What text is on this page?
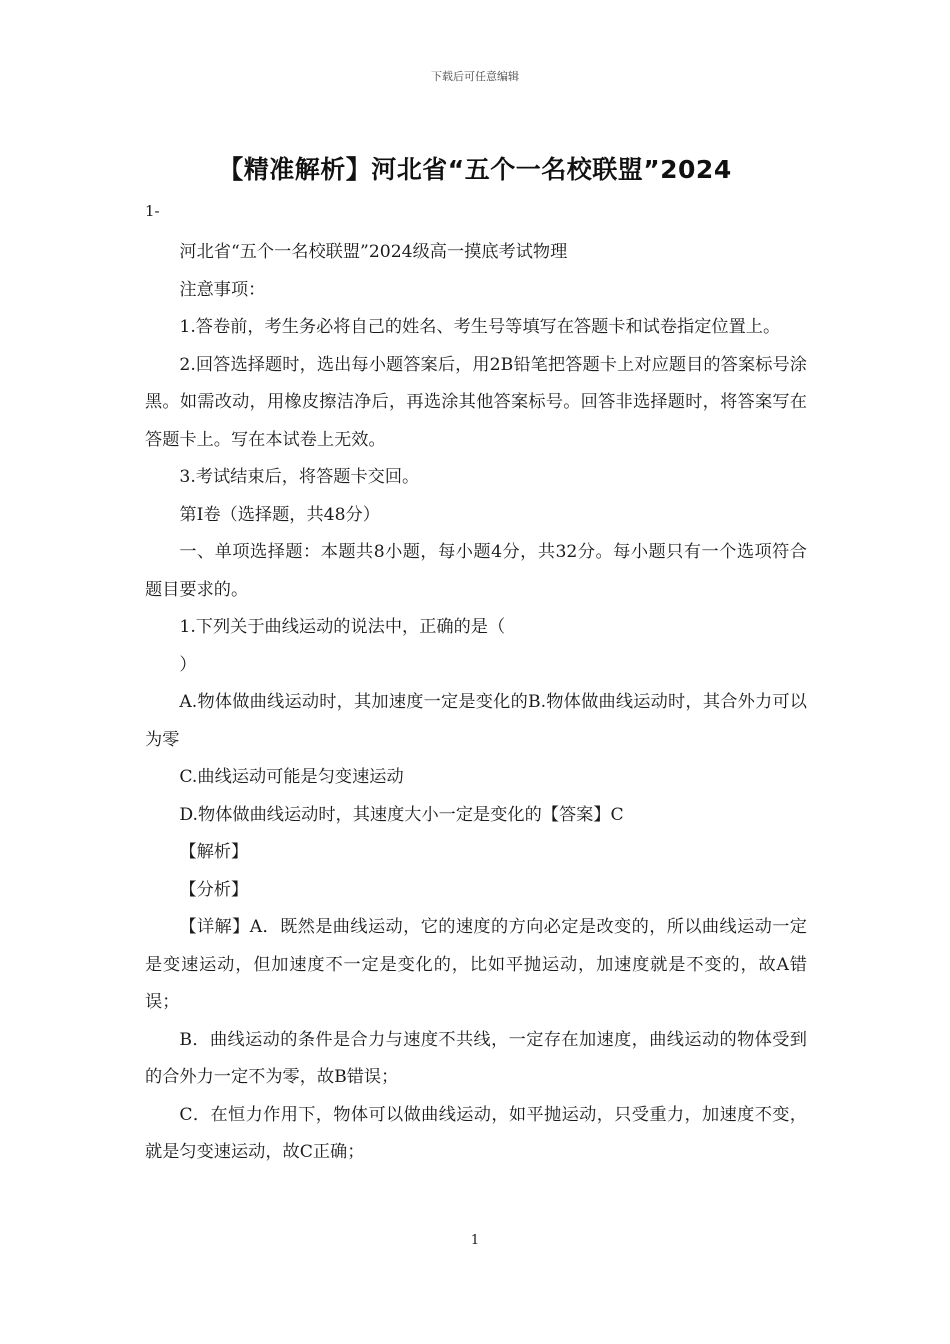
下载后可任意编辑
【精准解析】河北省“五个一名校联盟”2024
1-

河北省“五个一名校联盟”2024级高一摸底考试物理

注意事项：

1.答卷前，考生务必将自己的姓名、考生号等填写在答题卡和试卷指定位置上。

2.回答选择题时，选出每小题答案后，用2B铅笔把答题卡上对应题目的答案标号涂黑。如需改动，用橡皮擦洁净后，再选涂其他答案标号。回答非选择题时，将答案写在答题卡上。写在本试卷上无效。

3.考试结束后，将答题卡交回。

第Ⅰ卷（选择题，共48分）

一、单项选择题：本题共8小题，每小题4分，共32分。每小题只有一个选项符合题目要求的。

1.下列关于曲线运动的说法中，正确的是（

）

A.物体做曲线运动时，其加速度一定是变化的B.物体做曲线运动时，其合外力可以为零

C.曲线运动可能是匀变速运动

D.物体做曲线运动时，其速度大小一定是变化的【答案】C

【解析】

【分析】

【详解】A．既然是曲线运动，它的速度的方向必定是改变的，所以曲线运动一定是变速运动，但加速度不一定是变化的，比如平抛运动，加速度就是不变的，故A错误；

B．曲线运动的条件是合力与速度不共线，一定存在加速度，曲线运动的物体受到的合外力一定不为零，故B错误；

C．在恒力作用下，物体可以做曲线运动，如平抛运动，只受重力，加速度不变，就是匀变速运动，故C正确；

1
